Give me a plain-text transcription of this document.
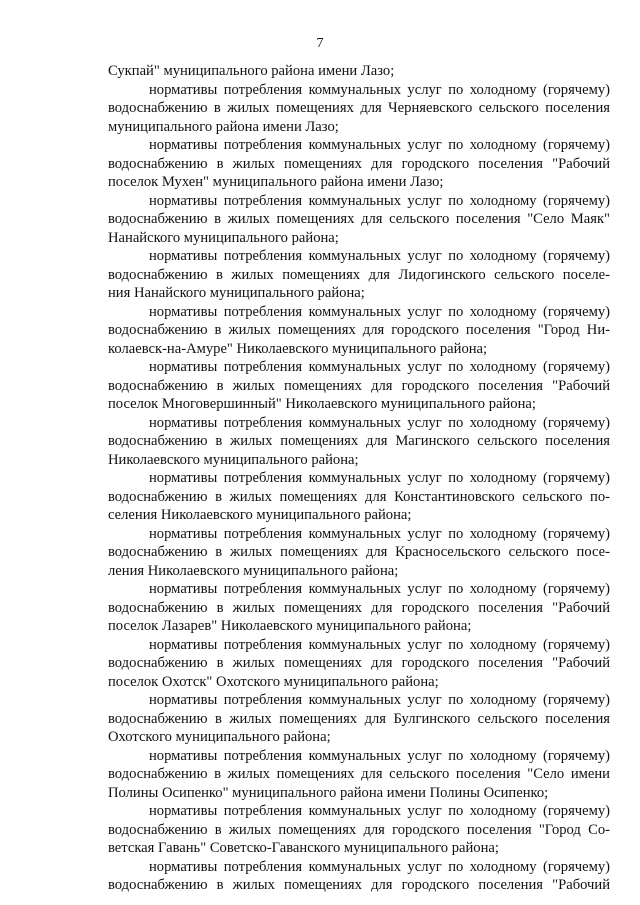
7
Сукпай" муниципального района имени Лазо;
нормативы потребления коммунальных услуг по холодному (горячему)
водоснабжению в жилых помещениях для Черняевского сельского поселения
муниципального района имени Лазо;
нормативы потребления коммунальных услуг по холодному (горячему)
водоснабжению в жилых помещениях для городского поселения "Рабочий
поселок Мухен" муниципального района имени Лазо;
нормативы потребления коммунальных услуг по холодному (горячему)
водоснабжению в жилых помещениях для сельского поселения "Село Маяк"
Нанайского муниципального района;
нормативы потребления коммунальных услуг по холодному (горячему)
водоснабжению в жилых помещениях для Лидогинского сельского поселе-
ния Нанайского муниципального района;
нормативы потребления коммунальных услуг по холодному (горячему)
водоснабжению в жилых помещениях для городского поселения "Город Ни-
колаевск-на-Амуре" Николаевского муниципального района;
нормативы потребления коммунальных услуг по холодному (горячему)
водоснабжению в жилых помещениях для городского поселения "Рабочий
поселок Многовершинный" Николаевского муниципального района;
нормативы потребления коммунальных услуг по холодному (горячему)
водоснабжению в жилых помещениях для Магинского сельского поселения
Николаевского муниципального района;
нормативы потребления коммунальных услуг по холодному (горячему)
водоснабжению в жилых помещениях для Константиновского сельского по-
селения Николаевского муниципального района;
нормативы потребления коммунальных услуг по холодному (горячему)
водоснабжению в жилых помещениях для Красносельского сельского посе-
ления Николаевского муниципального района;
нормативы потребления коммунальных услуг по холодному (горячему)
водоснабжению в жилых помещениях для городского поселения "Рабочий
поселок Лазарев" Николаевского муниципального района;
нормативы потребления коммунальных услуг по холодному (горячему)
водоснабжению в жилых помещениях для городского поселения "Рабочий
поселок Охотск" Охотского муниципального района;
нормативы потребления коммунальных услуг по холодному (горячему)
водоснабжению в жилых помещениях для Булгинского сельского поселения
Охотского муниципального района;
нормативы потребления коммунальных услуг по холодному (горячему)
водоснабжению в жилых помещениях для сельского поселения "Село имени
Полины Осипенко" муниципального района имени Полины Осипенко;
нормативы потребления коммунальных услуг по холодному (горячему)
водоснабжению в жилых помещениях для городского поселения "Город Со-
ветская Гавань" Советско-Гаванского муниципального района;
нормативы потребления коммунальных услуг по холодному (горячему)
водоснабжению в жилых помещениях для городского поселения "Рабочий
